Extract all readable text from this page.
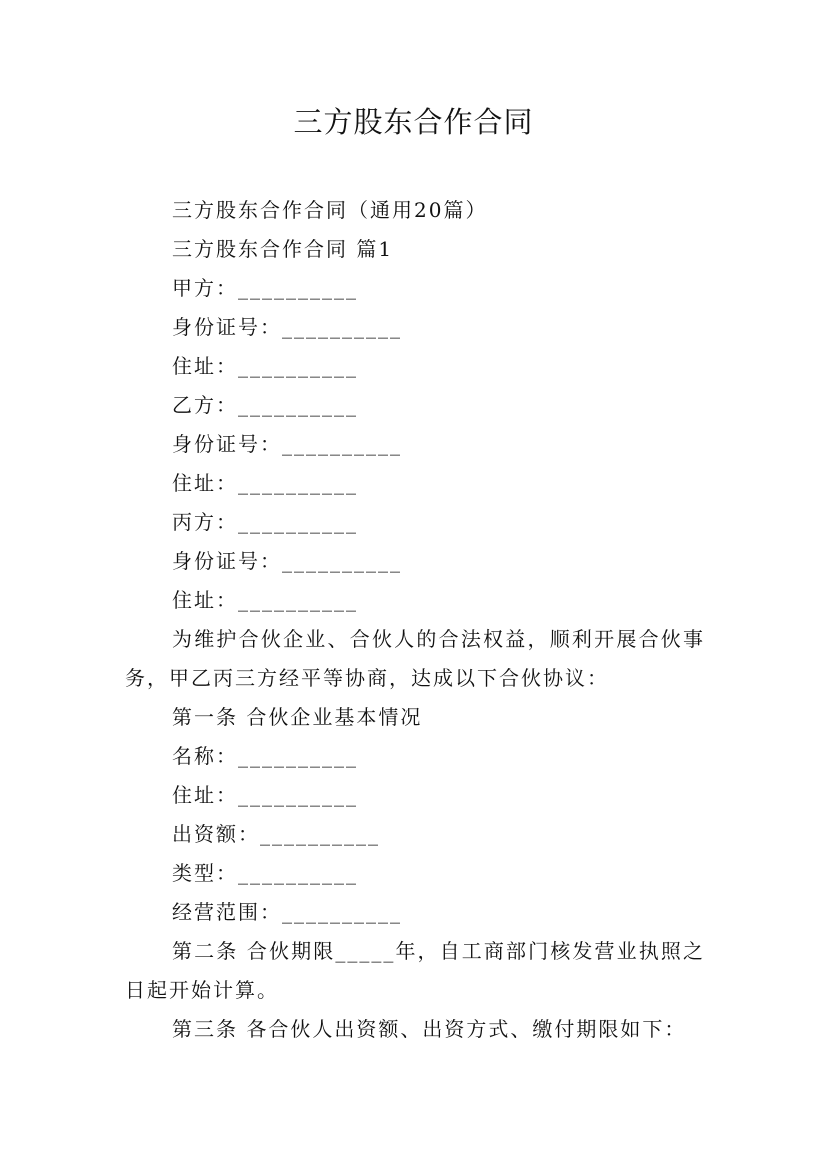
三方股东合作合同

三方股东合作合同（通用20篇）

三方股东合作合同 篇1

甲方：__________

身份证号：__________

住址：__________

乙方：__________

身份证号：__________

住址：__________

丙方：__________

身份证号：__________

住址：__________

为维护合伙企业、合伙人的合法权益，顺利开展合伙事务，甲乙丙三方经平等协商，达成以下合伙协议：

第一条 合伙企业基本情况

名称：__________

住址：__________

出资额：__________

类型：__________

经营范围：__________

第二条 合伙期限_____年，自工商部门核发营业执照之日起开始计算。

第三条 各合伙人出资额、出资方式、缴付期限如下：
